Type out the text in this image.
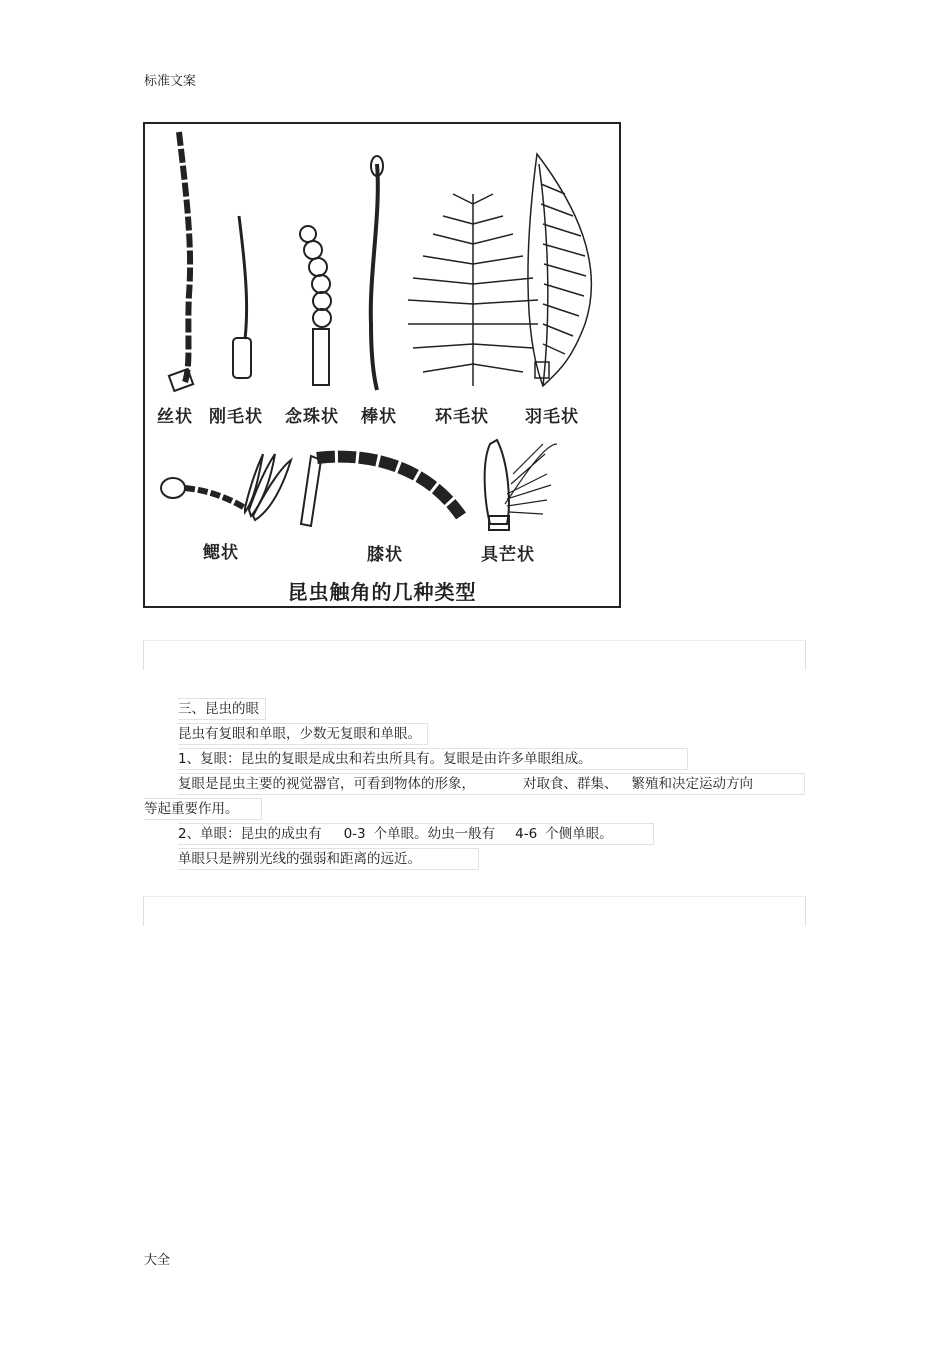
标准文案
丝状 刚毛状 念珠状 棒状 环毛状 羽毛状
鳃状	膝状	具芒状
昆虫触角的几种类型
三、昆虫的眼
昆虫有复眼和单眼，少数无复眼和单眼。
1、复眼：昆虫的复眼是成虫和若虫所具有。复眼是由许多单眼组成。
复眼是昆虫主要的视觉器官，可看到物体的形象，	对取食、群集、 繁殖和决定运动方向
等起重要作用。
2、单眼：昆虫的成虫有 0-3 个单眼。幼虫一般有 4-6 个侧单眼。
单眼只是辨别光线的强弱和距离的远近。
大全
